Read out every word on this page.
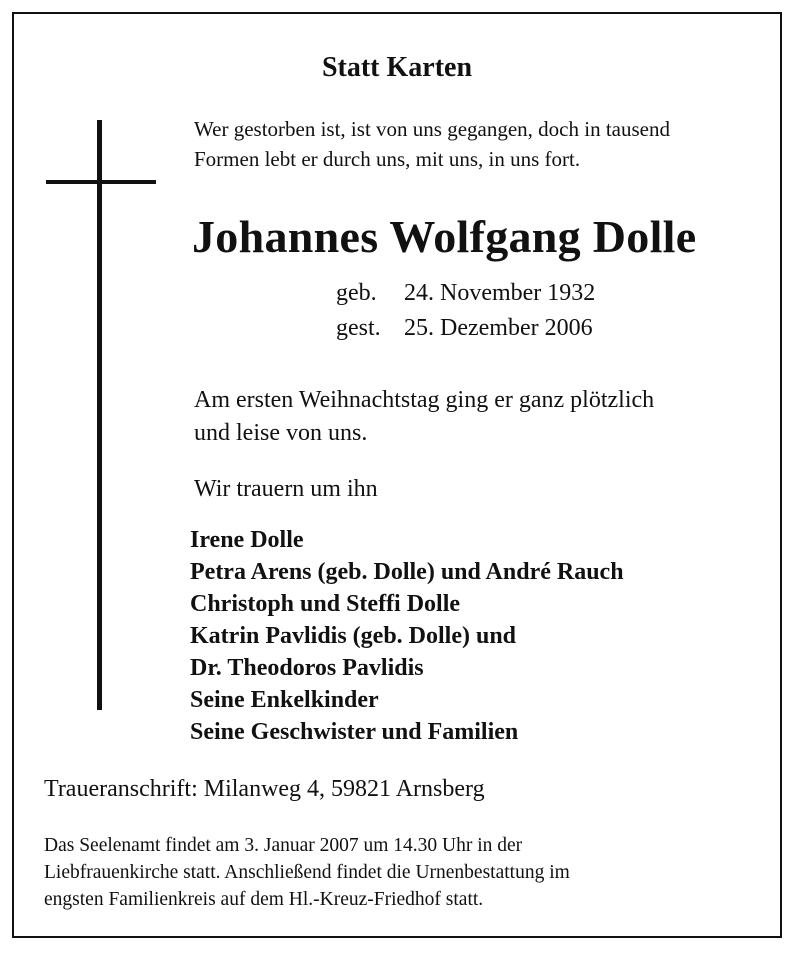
Statt Karten
Wer gestorben ist, ist von uns gegangen, doch in tausend
Formen lebt er durch uns, mit uns, in uns fort.
Johannes Wolfgang Dolle
geb. 24. November 1932
gest. 25. Dezember 2006
Am ersten Weihnachtstag ging er ganz plötzlich
und leise von uns.
Wir trauern um ihn
Irene Dolle
Petra Arens (geb. Dolle) und André Rauch
Christoph und Steffi Dolle
Katrin Pavlidis (geb. Dolle) und
Dr. Theodoros Pavlidis
Seine Enkelkinder
Seine Geschwister und Familien
Traueranschrift: Milanweg 4, 59821 Arnsberg
Das Seelenamt findet am 3. Januar 2007 um 14.30 Uhr in der
Liebfrauenkirche statt. Anschließend findet die Urnenbestattung im
engsten Familienkreis auf dem Hl.-Kreuz-Friedhof statt.
